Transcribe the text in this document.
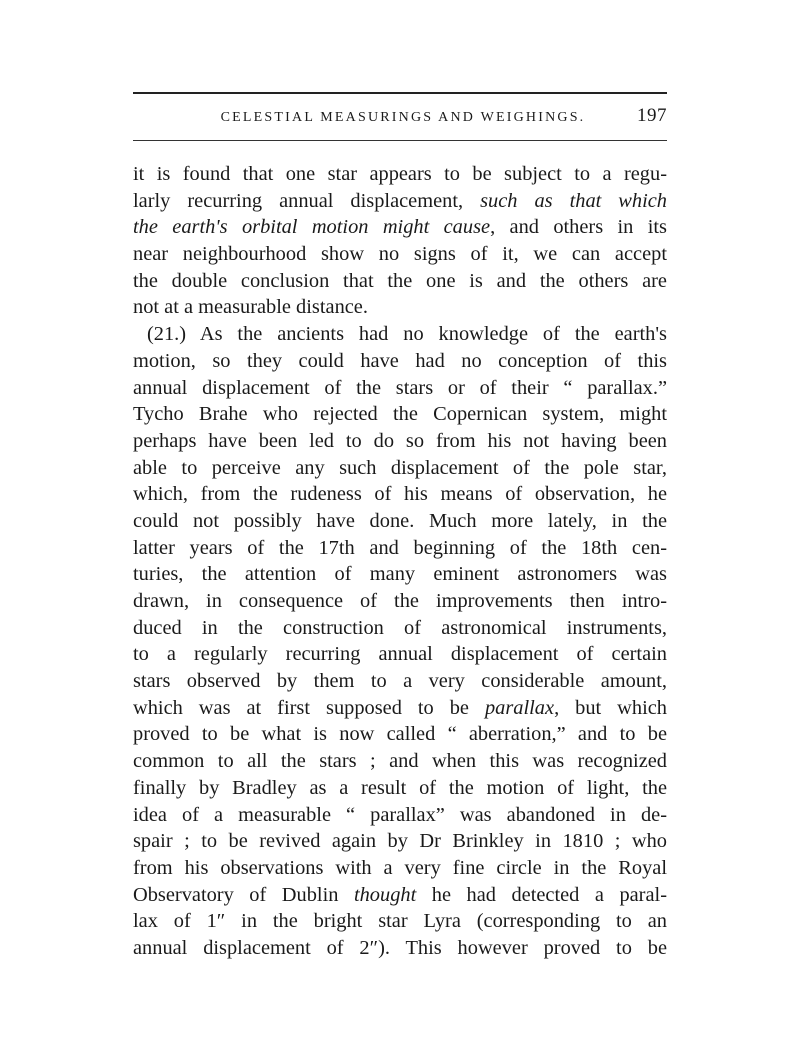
CELESTIAL MEASURINGS AND WEIGHINGS.	197
it is found that one star appears to be subject to a regu-
larly recurring annual displacement, such as that which
the earth's orbital motion might cause, and others in its
near neighbourhood show no signs of it, we can accept
the double conclusion that the one is and the others are
not at a measurable distance.
(21.) As the ancients had no knowledge of the earth's
motion, so they could have had no conception of this
annual displacement of the stars or of their “ parallax.”
Tycho Brahe who rejected the Copernican system, might
perhaps have been led to do so from his not having been
able to perceive any such displacement of the pole star,
which, from the rudeness of his means of observation, he
could not possibly have done. Much more lately, in the
latter years of the 17th and beginning of the 18th cen-
turies, the attention of many eminent astronomers was
drawn, in consequence of the improvements then intro-
duced in the construction of astronomical instruments,
to a regularly recurring annual displacement of certain
stars observed by them to a very considerable amount,
which was at first supposed to be parallax, but which
proved to be what is now called “ aberration,” and to be
common to all the stars ; and when this was recognized
finally by Bradley as a result of the motion of light, the
idea of a measurable “ parallax” was abandoned in de-
spair ; to be revived again by Dr Brinkley in 1810 ; who
from his observations with a very fine circle in the Royal
Observatory of Dublin thought he had detected a paral-
lax of 1″ in the bright star Lyra (corresponding to an
annual displacement of 2″). This however proved to be
